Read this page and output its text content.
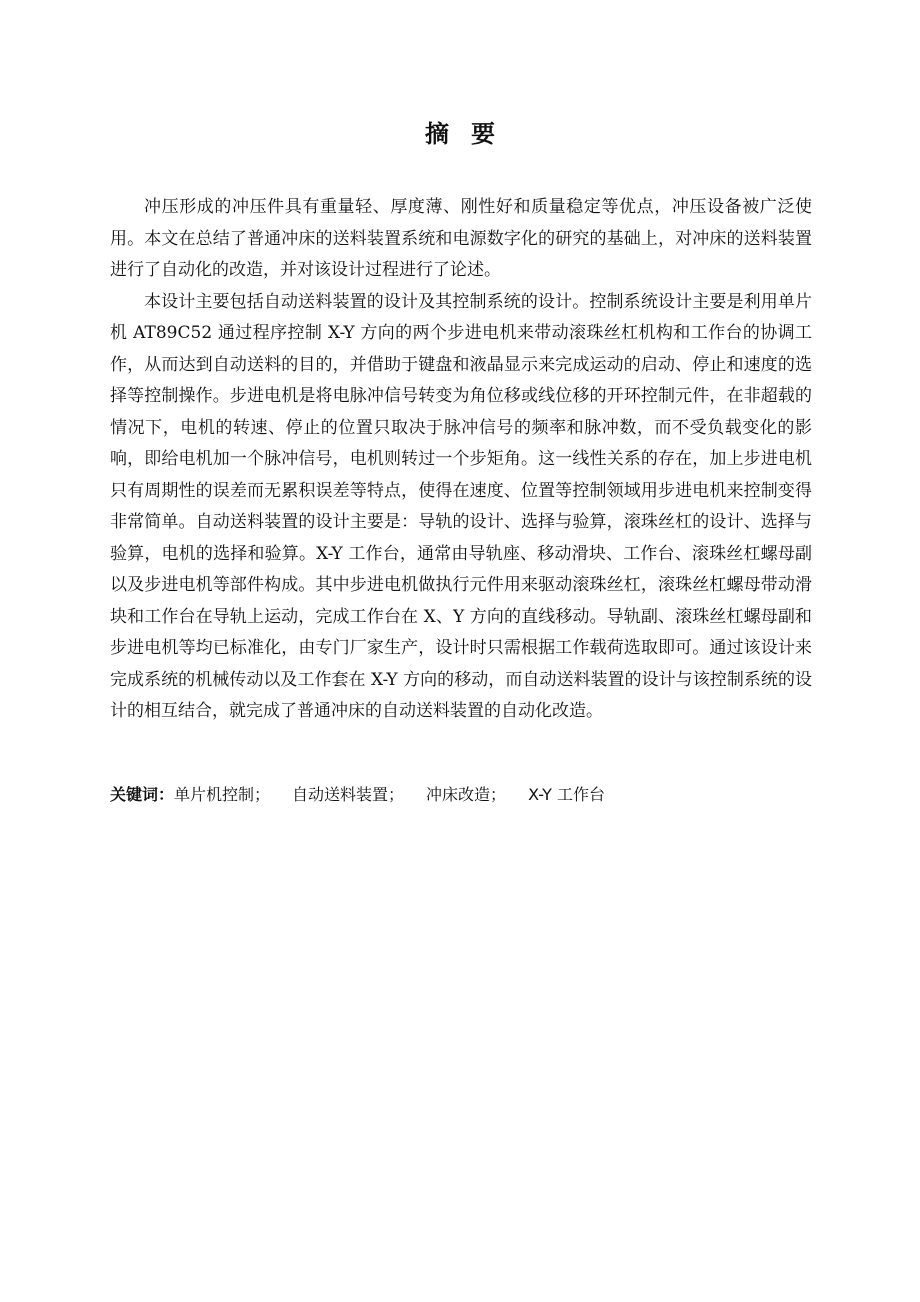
摘要

冲压形成的冲压件具有重量轻、厚度薄、刚性好和质量稳定等优点，冲压设备被广泛使用。本文在总结了普通冲床的送料装置系统和电源数字化的研究的基础上，对冲床的送料装置进行了自动化的改造，并对该设计过程进行了论述。

本设计主要包括自动送料装置的设计及其控制系统的设计。控制系统设计主要是利用单片机 AT89C52 通过程序控制 X-Y 方向的两个步进电机来带动滚珠丝杠机构和工作台的协调工作，从而达到自动送料的目的，并借助于键盘和液晶显示来完成运动的启动、停止和速度的选择等控制操作。步进电机是将电脉冲信号转变为角位移或线位移的开环控制元件，在非超载的情况下，电机的转速、停止的位置只取决于脉冲信号的频率和脉冲数，而不受负载变化的影响，即给电机加一个脉冲信号，电机则转过一个步矩角。这一线性关系的存在，加上步进电机只有周期性的误差而无累积误差等特点，使得在速度、位置等控制领域用步进电机来控制变得非常简单。自动送料装置的设计主要是：导轨的设计、选择与验算，滚珠丝杠的设计、选择与验算，电机的选择和验算。X-Y 工作台，通常由导轨座、移动滑块、工作台、滚珠丝杠螺母副以及步进电机等部件构成。其中步进电机做执行元件用来驱动滚珠丝杠，滚珠丝杠螺母带动滑块和工作台在导轨上运动，完成工作台在 X、Y 方向的直线移动。导轨副、滚珠丝杠螺母副和步进电机等均已标准化，由专门厂家生产，设计时只需根据工作载荷选取即可。通过该设计来完成系统的机械传动以及工作套在 X-Y 方向的移动，而自动送料装置的设计与该控制系统的设计的相互结合，就完成了普通冲床的自动送料装置的自动化改造。

关键词：单片机控制； 自动送料装置； 冲床改造； X-Y 工作台
